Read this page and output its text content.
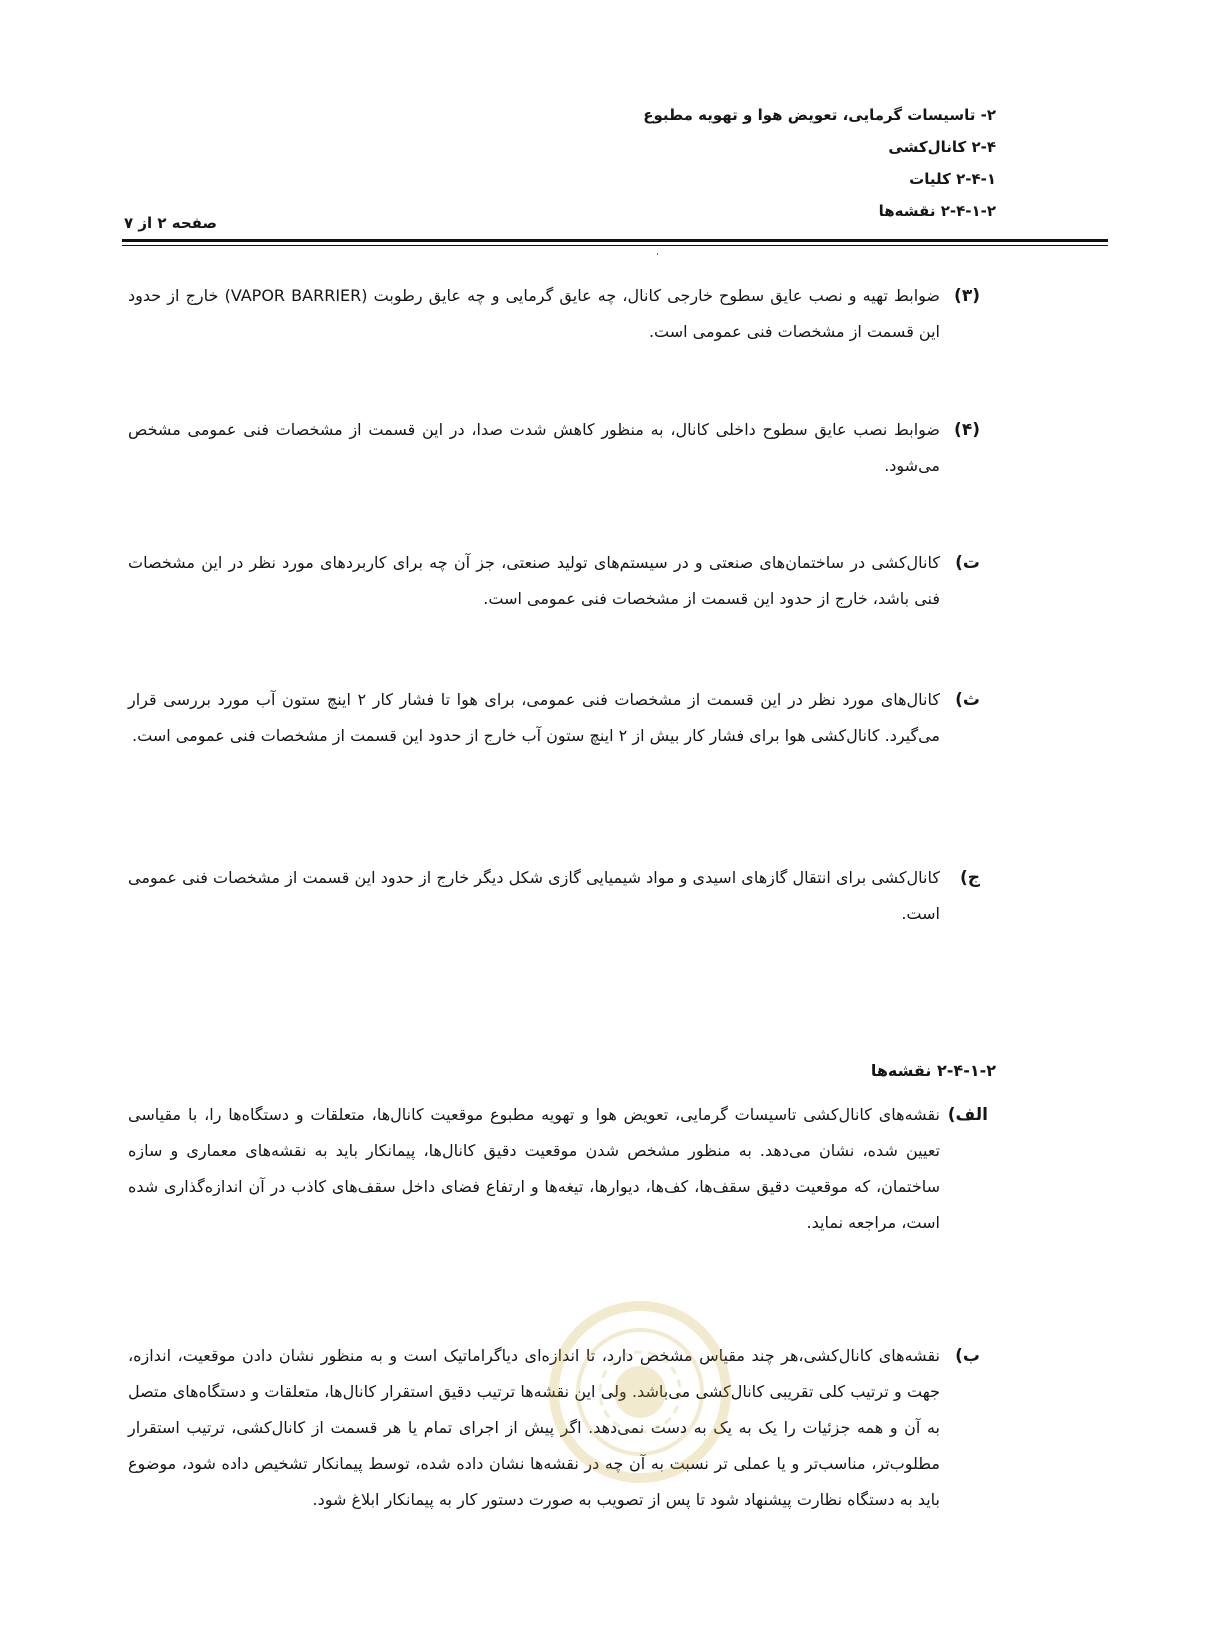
۲- تاسیسات گرمایی، تعویض هوا و تهویه مطبوع
۲-۴ کانال‌کشی
۲-۴-۱ کلیات
۲-۴-۱-۲ نقشه‌ها
صفحه ۲ از ۷
،
(۳)
ضوابط تهیه و نصب عایق سطوح خارجی کانال، چه عایق گرمایی و چه عایق رطوبت (VAPOR BARRIER) خارج از حدود این قسمت از مشخصات فنی عمومی است.
(۴)
ضوابط نصب عایق سطوح داخلی کانال، به منظور کاهش شدت صدا، در این قسمت از مشخصات فنی عمومی مشخص می‌شود.
ت)
کانال‌کشی در ساختمان‌های صنعتی و در سیستم‌های تولید صنعتی، جز آن چه برای کاربردهای مورد نظر در این مشخصات فنی باشد، خارج از حدود این قسمت از مشخصات فنی عمومی است.
ث)
کانال‌های مورد نظر در این قسمت از مشخصات فنی عمومی، برای هوا تا فشار کار ۲ اینچ ستون آب مورد بررسی قرار می‌گیرد. کانال‌کشی هوا برای فشار کار بیش از ۲ اینچ ستون آب خارج از حدود این قسمت از مشخصات فنی عمومی است.
ج)
کانال‌کشی برای انتقال گازهای اسیدی و مواد شیمیایی گازی شکل دیگر خارج از حدود این قسمت از مشخصات فنی عمومی است.
۲-۴-۱-۲ نقشه‌ها
الف)
نقشه‌های کانال‌کشی تاسیسات گرمایی، تعویض هوا و تهویه مطبوع موقعیت کانال‌ها، متعلقات و دستگاه‌ها را، با مقیاسی تعیین شده، نشان می‌دهد. به منظور مشخص شدن موقعیت دقیق کانال‌ها، پیمانکار باید به نقشه‌های معماری و سازه ساختمان، که موقعیت دقیق سقف‌ها، کف‌ها، دیوارها، تیغه‌ها و ارتفاع فضای داخل سقف‌های کاذب در آن اندازه‌گذاری شده است، مراجعه نماید.
ب)
نقشه‌های کانال‌کشی،هر چند مقیاس مشخص دارد، تا اندازه‌ای دیاگراماتیک است و به منظور نشان دادن موقعیت، اندازه، جهت و ترتیب کلی تقریبی کانال‌کشی می‌باشد. ولی این نقشه‌ها ترتیب دقیق استقرار کانال‌ها، متعلقات و دستگاه‌های متصل به آن و همه جزئیات را یک به یک به دست نمی‌دهد. اگر پیش از اجرای تمام یا هر قسمت از کانال‌کشی، ترتیب استقرار مطلوب‌تر، مناسب‌تر و یا عملی تر نسبت به آن چه در نقشه‌ها نشان داده شده، توسط پیمانکار تشخیص داده شود، موضوع باید به دستگاه نظارت پیشنهاد شود تا پس از تصویب به صورت دستور کار به پیمانکار ابلاغ شود.
